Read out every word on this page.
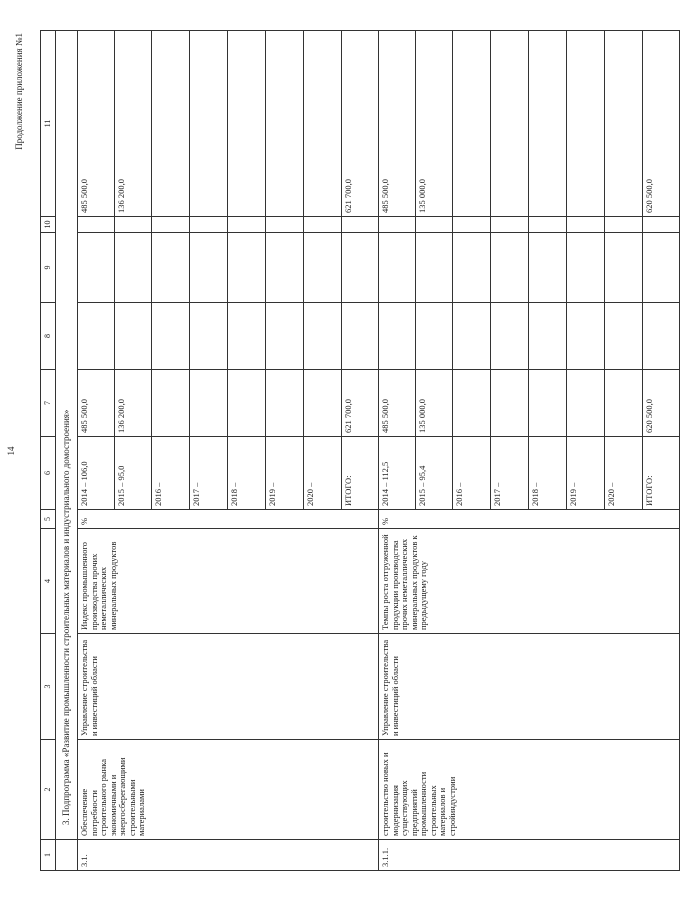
14
Продолжение приложения №1
1	2	3	4	5	6	7	8	9	10	11
	3. Подпрограмма «Развитие промышленности строительных материалов и индустриального домостроения»									
3.1.	Обеспечение потребности строительного рынка экономичными и энергосберегающими строительными материалами	Управление строительства и инвестиций области	Индекс промышленного производства прочих неметаллических минеральных продуктов	%	2014 – 106,0	485 500,0				485 500,0
					2015 – 95,0	136 200,0				136 200,0
					2016 –					
					2017 –					
					2018 –					
					2019 –					
					2020 –					
					ИТОГО:	621 700,0				621 700,0
3.1.1.	строительство новых и модернизация существующих предприятий промышленности строительных материалов и стройиндустрии	Управление строительства и инвестиций области	Темпы роста отгруженной продукции производства прочих неметаллических минеральных продуктов к предыдущему году	%	2014 – 112,5	485 500,0				485 500,0
					2015 – 95,4	135 000,0				135 000,0
					2016 –					
					2017 –					
					2018 –					
					2019 –					
					2020 –					
					ИТОГО:	620 500,0				620 500,0
